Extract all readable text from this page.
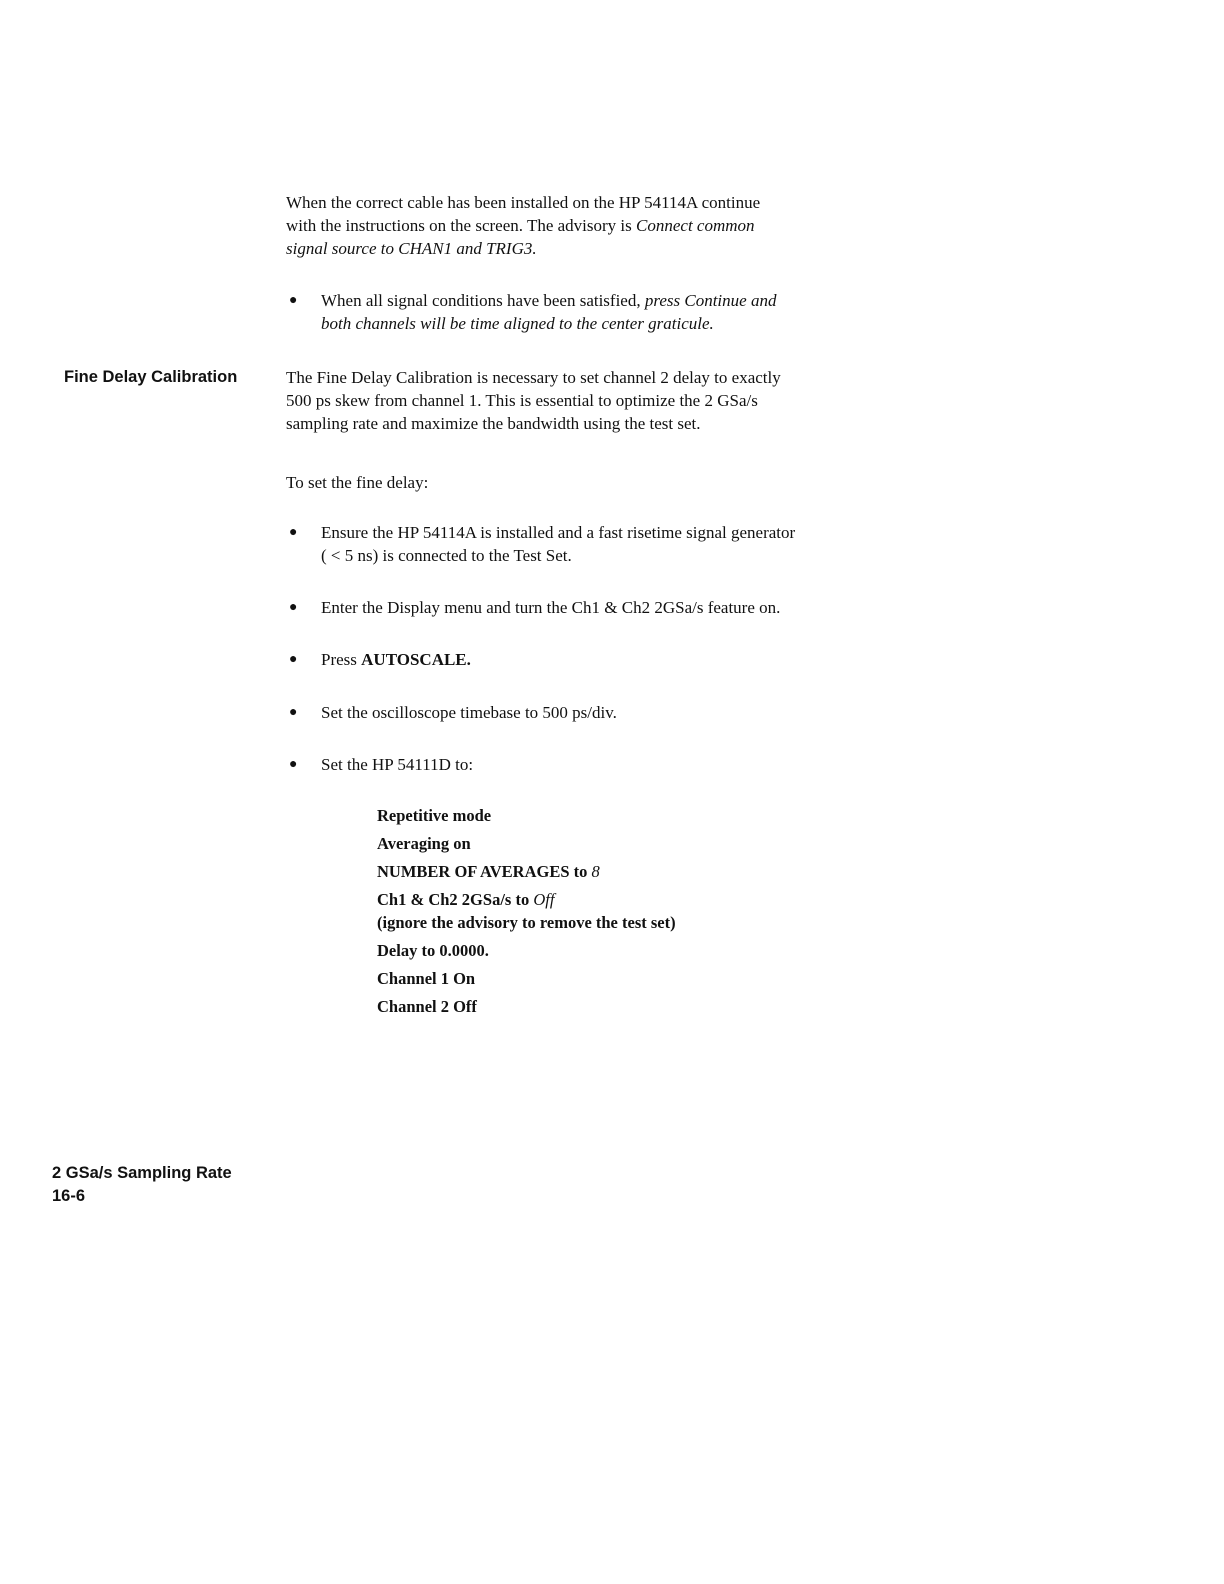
When the correct cable has been installed on the HP 54114A continue
with the instructions on the screen. The advisory is Connect common
signal source to CHAN1 and TRIG3.
● When all signal conditions have been satisfied, press Continue and
both channels will be time aligned to the center graticule.
Fine Delay Calibration	The Fine Delay Calibration is necessary to set channel 2 delay to exactly
500 ps skew from channel 1. This is essential to optimize the 2 GSa/s
sampling rate and maximize the bandwidth using the test set.
To set the fine delay:
● Ensure the HP 54114A is installed and a fast risetime signal generator
( < 5 ns) is connected to the Test Set.
● Enter the Display menu and turn the Ch1 & Ch2 2GSa/s feature on.
● Press AUTOSCALE.
● Set the oscilloscope timebase to 500 ps/div.
● Set the HP 54111D to:
Repetitive mode
Averaging on
NUMBER OF AVERAGES to 8
Ch1 & Ch2 2GSa/s to Off
(ignore the advisory to remove the test set)
Delay to 0.0000.
Channel 1 On
Channel 2 Off
2 GSa/s Sampling Rate
16-6
